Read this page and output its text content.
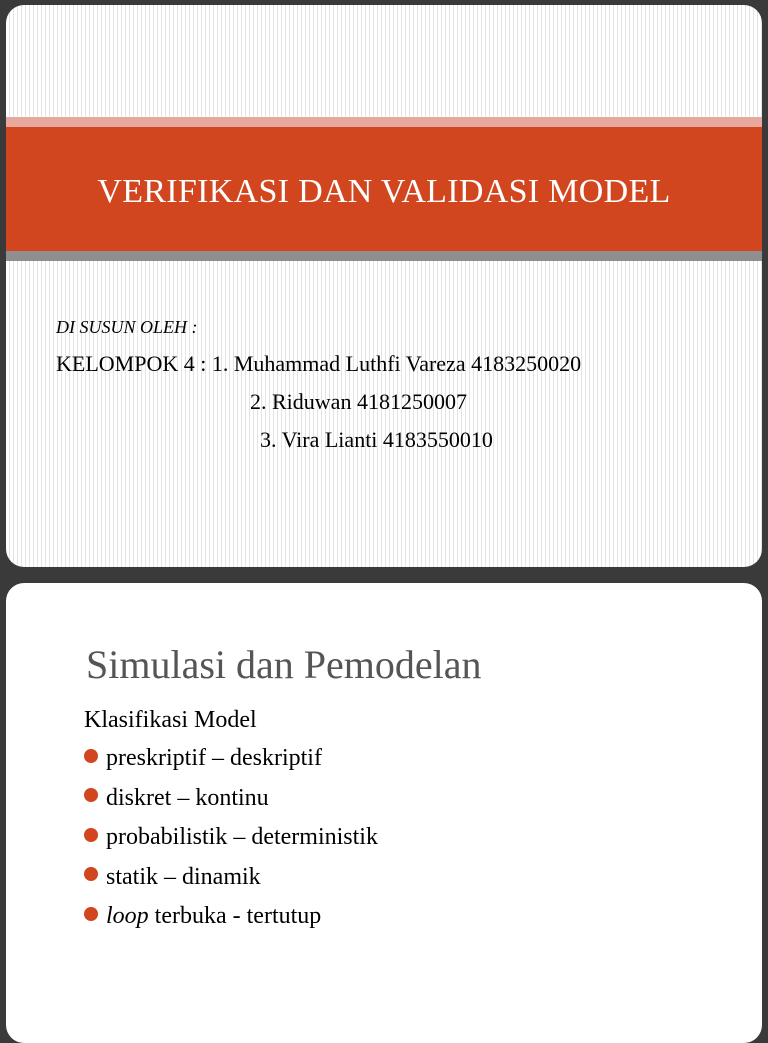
VERIFIKASI DAN VALIDASI MODEL
DI SUSUN OLEH :
KELOMPOK 4 : 1. Muhammad Luthfi Vareza 4183250020
2. Riduwan 4181250007
3. Vira Lianti 4183550010
Simulasi dan Pemodelan
Klasifikasi Model
preskriptif – deskriptif
diskret – kontinu
probabilistik – deterministik
statik – dinamik
loop terbuka - tertutup
